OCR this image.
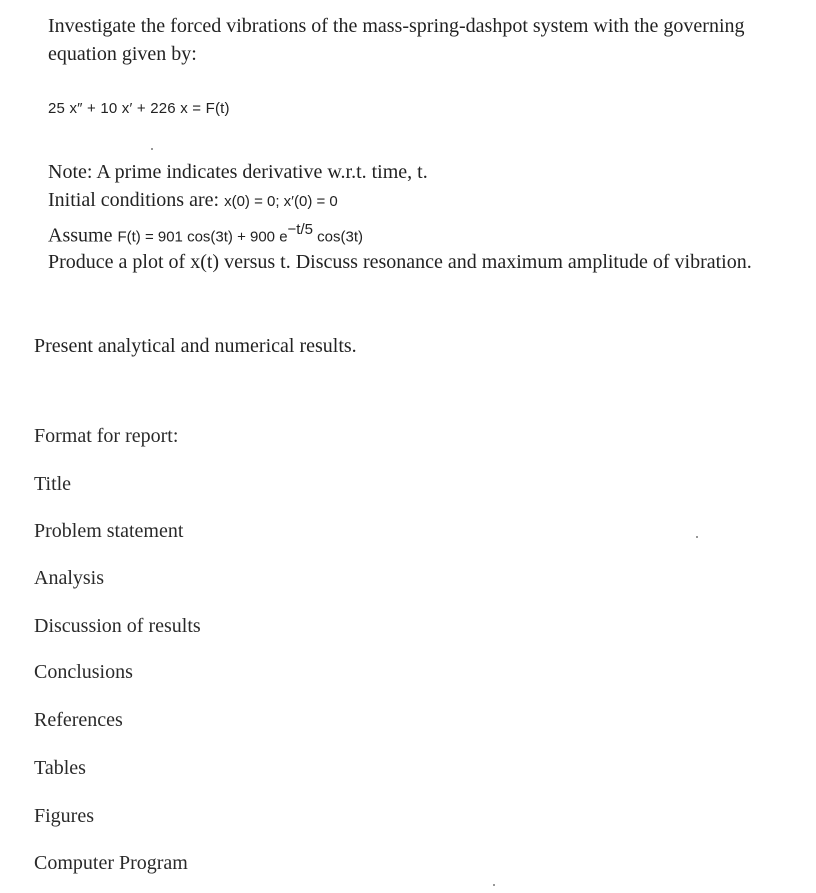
Investigate the forced vibrations of the mass-spring-dashpot system with the governing equation given by:
25 x″ + 10 x′ + 226 x = F(t)
Note: A prime indicates derivative w.r.t. time, t.
Initial conditions are: x(0) = 0; x′(0) = 0
Assume F(t) = 901 cos(3t) + 900 $e^{-t/5}$ cos(3t)
Produce a plot of x(t) versus t. Discuss resonance and maximum amplitude of vibration.
Present analytical and numerical results.
Format for report:
Title
Problem statement
Analysis
Discussion of results
Conclusions
References
Tables
Figures
Computer Program
